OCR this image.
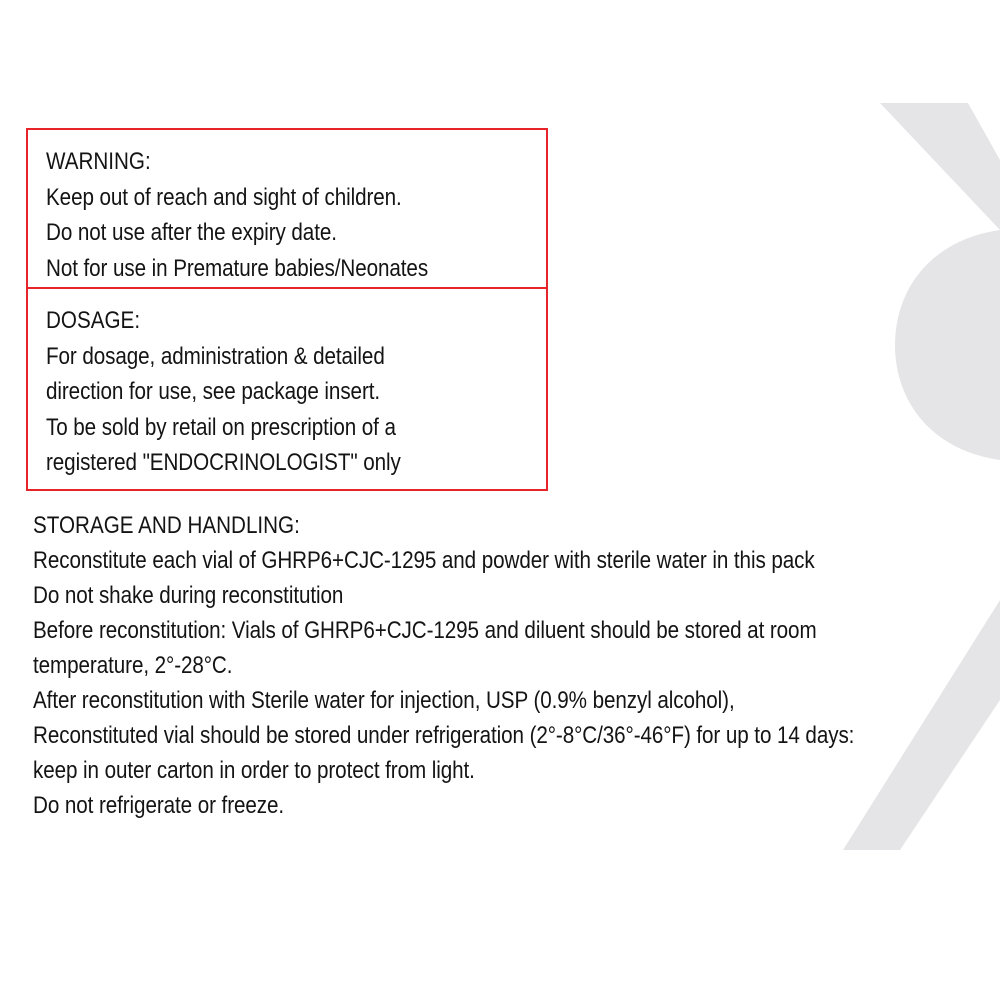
WARNING:
Keep out of reach and sight of children.
Do not use after the expiry date.
Not for use in Premature babies/Neonates
DOSAGE:
For dosage, administration & detailed
direction for use, see package insert.
To be sold by retail on prescription of a
registered "ENDOCRINOLOGIST" only
STORAGE AND HANDLING:
Reconstitute each vial of GHRP6+CJC-1295 and powder with sterile water in this pack
Do not shake during reconstitution
Before reconstitution: Vials of GHRP6+CJC-1295 and diluent should be stored at room
temperature, 2°-28°C.
After reconstitution with Sterile water for injection, USP (0.9% benzyl alcohol),
Reconstituted vial should be stored under refrigeration (2°-8°C/36°-46°F) for up to 14 days:
keep in outer carton in order to protect from light.
Do not refrigerate or freeze.
